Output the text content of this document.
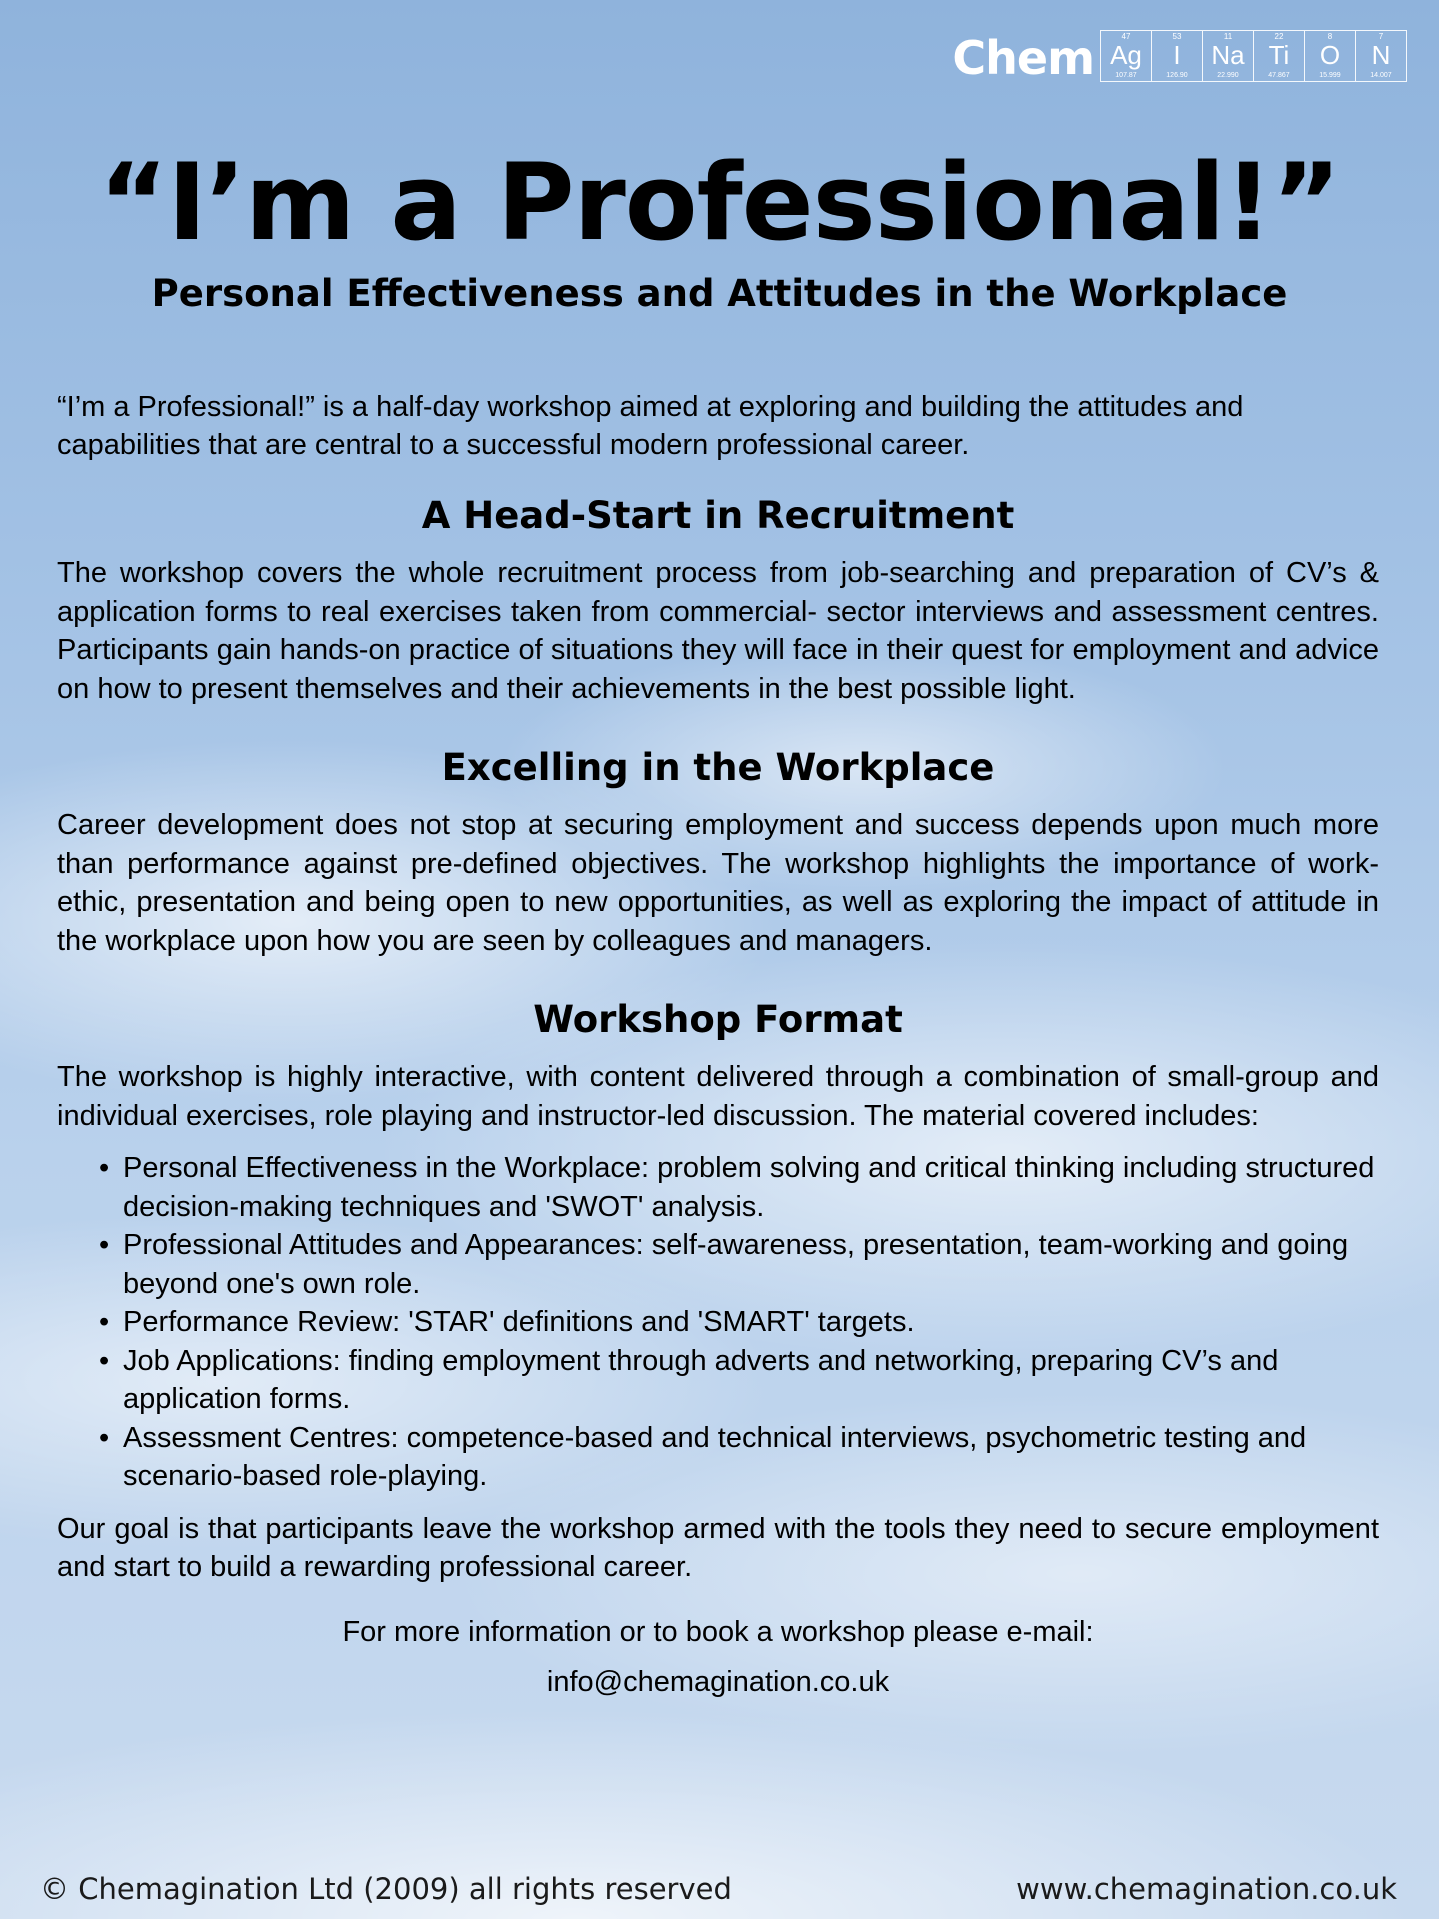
Chem	47
Ag
107.87
53
I
126.90
11
Na
22.990
22
Ti
47.867
8
O
15.999
7
N
14.007
“I’m a Professional!”
Personal Effectiveness and Attitudes in the Workplace

“I’m a Professional!” is a half-day workshop aimed at exploring and building the attitudes and capabilities that are central to a successful modern professional career.

A Head-Start in Recruitment

The workshop covers the whole recruitment process from job-searching and preparation of CV’s & application forms to real exercises taken from commercial- sector interviews and assessment centres. Participants gain hands-on practice of situations they will face in their quest for employment and advice on how to present themselves and their achievements in the best possible light.

Excelling in the Workplace

Career development does not stop at securing employment and success depends upon much more than performance against pre-defined objectives. The workshop highlights the importance of work-ethic, presentation and being open to new opportunities, as well as exploring the impact of attitude in the workplace upon how you are seen by colleagues and managers.

Workshop Format

The workshop is highly interactive, with content delivered through a combination of small-group and individual exercises, role playing and instructor-led discussion. The material covered includes:

• Personal Effectiveness in the Workplace: problem solving and critical thinking including structured decision-making techniques and 'SWOT' analysis.
• Professional Attitudes and Appearances: self-awareness, presentation, team-working and going beyond one's own role.
• Performance Review: 'STAR' definitions and 'SMART' targets.
• Job Applications: finding employment through adverts and networking, preparing CV’s and application forms.
• Assessment Centres: competence-based and technical interviews, psychometric testing and scenario-based role-playing.

Our goal is that participants leave the workshop armed with the tools they need to secure employment and start to build a rewarding professional career.

For more information or to book a workshop please e-mail:

info@chemagination.co.uk

© Chemagination Ltd (2009) all rights reserved	www.chemagination.co.uk
